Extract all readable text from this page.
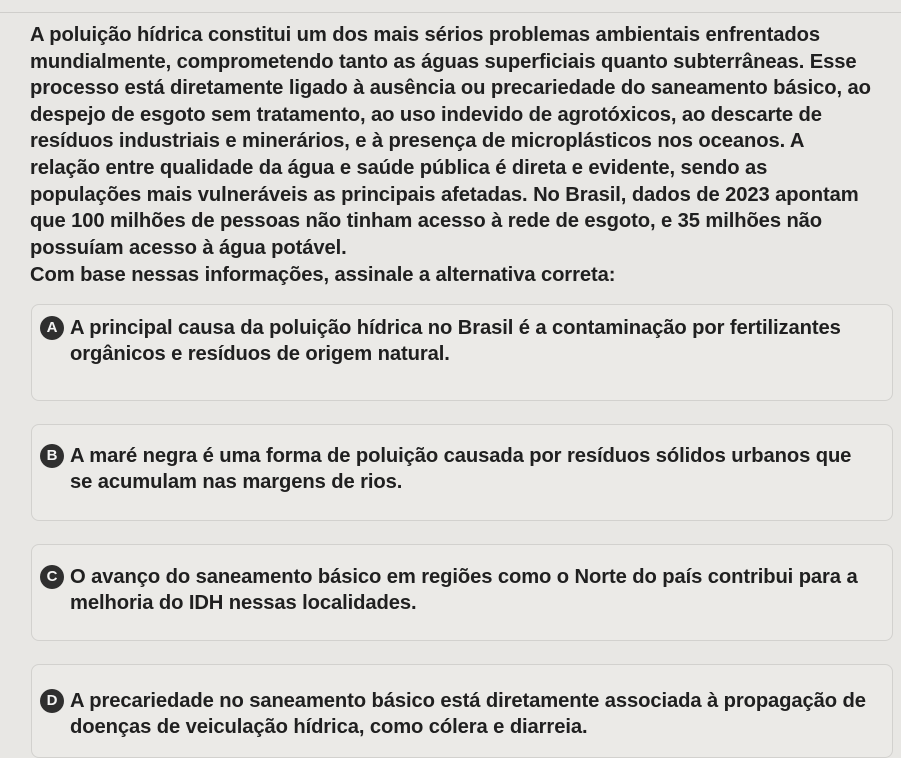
A poluição hídrica constitui um dos mais sérios problemas ambientais enfrentados mundialmente, comprometendo tanto as águas superficiais quanto subterrâneas. Esse processo está diretamente ligado à ausência ou precariedade do saneamento básico, ao despejo de esgoto sem tratamento, ao uso indevido de agrotóxicos, ao descarte de resíduos industriais e minerários, e à presença de microplásticos nos oceanos. A relação entre qualidade da água e saúde pública é direta e evidente, sendo as populações mais vulneráveis as principais afetadas. No Brasil, dados de 2023 apontam que 100 milhões de pessoas não tinham acesso à rede de esgoto, e 35 milhões não possuíam acesso à água potável.

Com base nessas informações, assinale a alternativa correta:

A A principal causa da poluição hídrica no Brasil é a contaminação por fertilizantes orgânicos e resíduos de origem natural.
B A maré negra é uma forma de poluição causada por resíduos sólidos urbanos que se acumulam nas margens de rios.
C O avanço do saneamento básico em regiões como o Norte do país contribui para a melhoria do IDH nessas localidades.
D A precariedade no saneamento básico está diretamente associada à propagação de doenças de veiculação hídrica, como cólera e diarreia.
